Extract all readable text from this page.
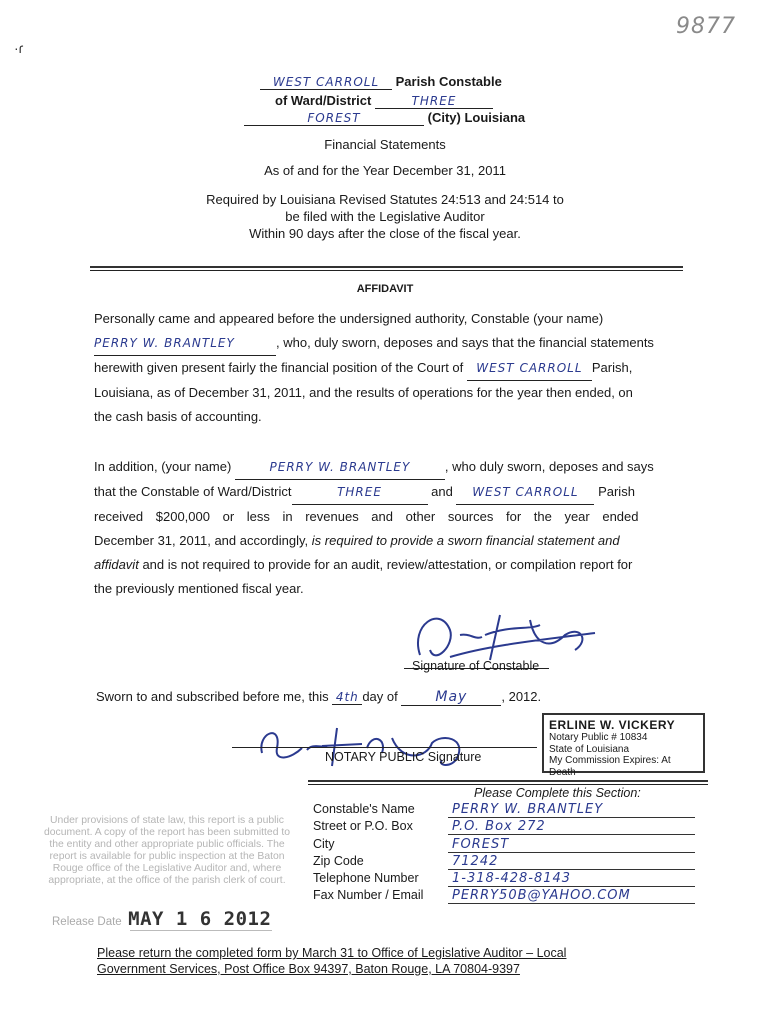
9877
·ɾ
WEST CARROLL Parish Constable
of Ward/District	THREE
FOREST	(City) Louisiana
Financial Statements
As of and for the Year December 31, 2011
Required by Louisiana Revised Statutes 24:513 and 24:514 to
be filed with the Legislative Auditor
Within 90 days after the close of the fiscal year.
AFFIDAVIT

Personally came and appeared before the undersigned authority, Constable (your name)

PERRY W. BRANTLEY	, who, duly sworn, deposes and says that the financial statements

herewith given present fairly the financial position of the Court of WEST CARROLL Parish,

Louisiana, as of December 31, 2011, and the results of operations for the year then ended, on

the cash basis of accounting.

In addition, (your name)	PERRY W. BRANTLEY	, who duly sworn, deposes and says

that the Constable of Ward/District	THREE	and WEST CARROLL Parish

received $200,000 or less in revenues and other sources for the year ended

December 31, 2011, and accordingly, is required to provide a sworn financial statement and

affidavit and is not required to provide for an audit, review/attestation, or compilation report for

the previously mentioned fiscal year.

Signature of Constable
Sworn to and subscribed before me, this 4th day of	May	, 2012.
NOTARY PUBLIC Signature
ERLINE W. VICKERY
Notary Public # 10834
State of Louisiana
My Commission Expires: At Death
Under provisions of state law, this report is a public document. A copy of the report has been submitted to the entity and other appropriate public officials. The report is available for public inspection at the Baton Rouge office of the Legislative Auditor and, where appropriate, at the office of the parish clerk of court.
Release Date MAY 1 6 2012
Please Complete this Section:
Constable's Name	PERRY W. BRANTLEY
Street or P.O. Box	P.O. Box 272
City	FOREST
Zip Code	71242
Telephone Number	1-318-428-8143
Fax Number / Email PERRY50B@YAHOO.COM
Please return the completed form by March 31 to Office of Legislative Auditor – Local
Government Services, Post Office Box 94397, Baton Rouge, LA 70804-9397
